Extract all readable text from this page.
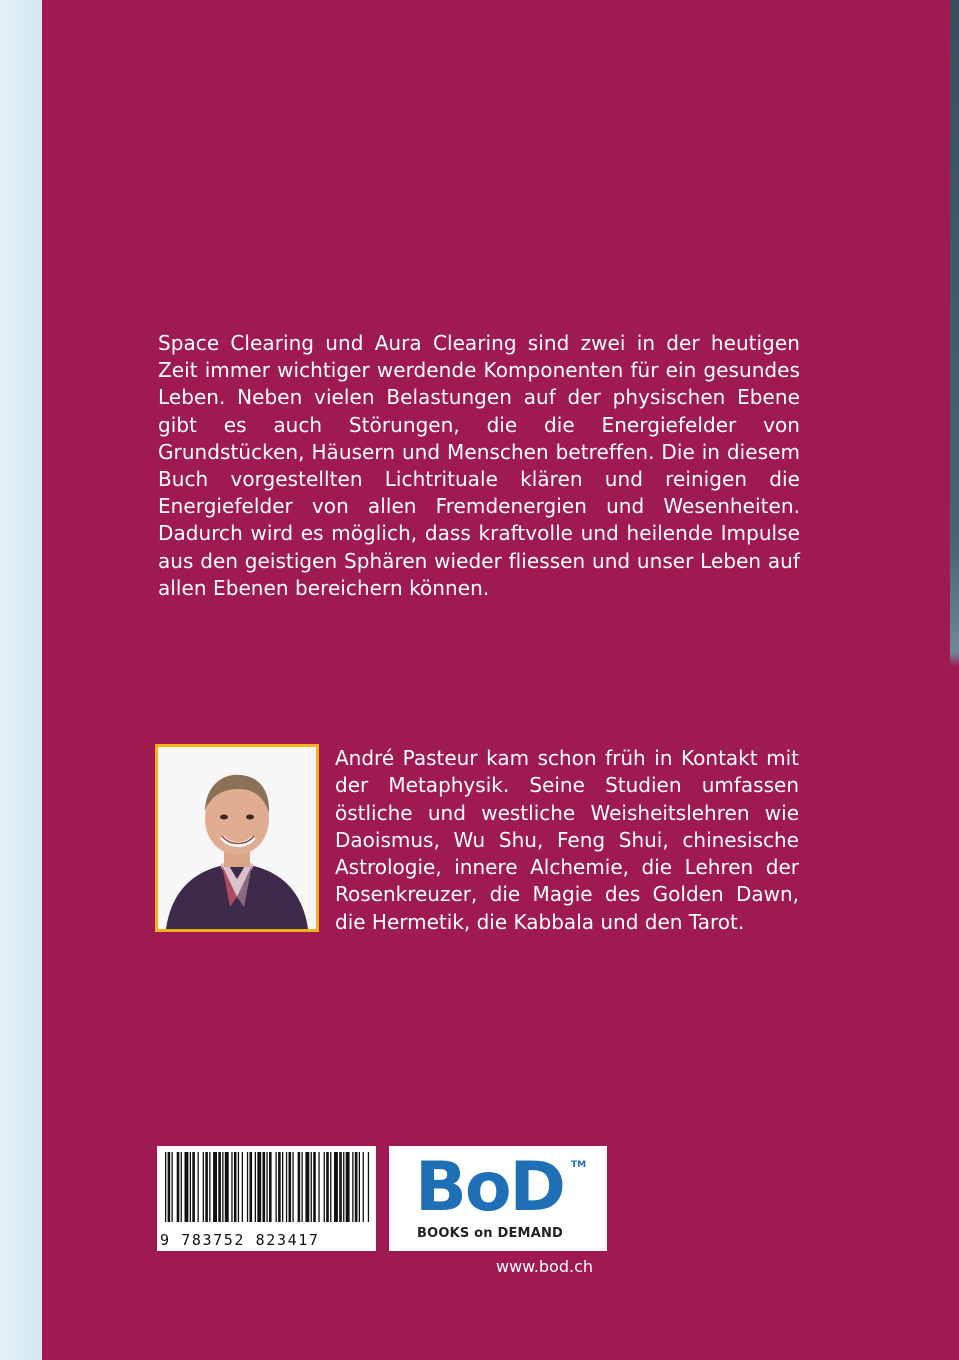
Space Clearing und Aura Clearing sind zwei in der heutigen Zeit immer wichtiger werdende Komponenten für ein gesundes Leben. Neben vielen Belastungen auf der physischen Ebene gibt es auch Störungen, die die Energiefelder von Grundstücken, Häusern und Menschen betreffen. Die in diesem Buch vorgestellten Lichtrituale klären und reinigen die Energiefelder von allen Fremdenergien und Wesenheiten. Dadurch wird es möglich, dass kraftvolle und heilende Impulse aus den geistigen Sphären wieder fliessen und unser Leben auf allen Ebenen bereichern können.

André Pasteur kam schon früh in Kontakt mit der Metaphysik. Seine Studien umfassen östliche und westliche Weisheitslehren wie Daoismus, Wu Shu, Feng Shui, chinesische Astrologie, innere Alchemie, die Lehren der Rosenkreuzer, die Magie des Golden Dawn, die Hermetik, die Kabbala und den Tarot.

9 783752 823417
BoD TM
BOOKS on DEMAND
www.bod.ch
